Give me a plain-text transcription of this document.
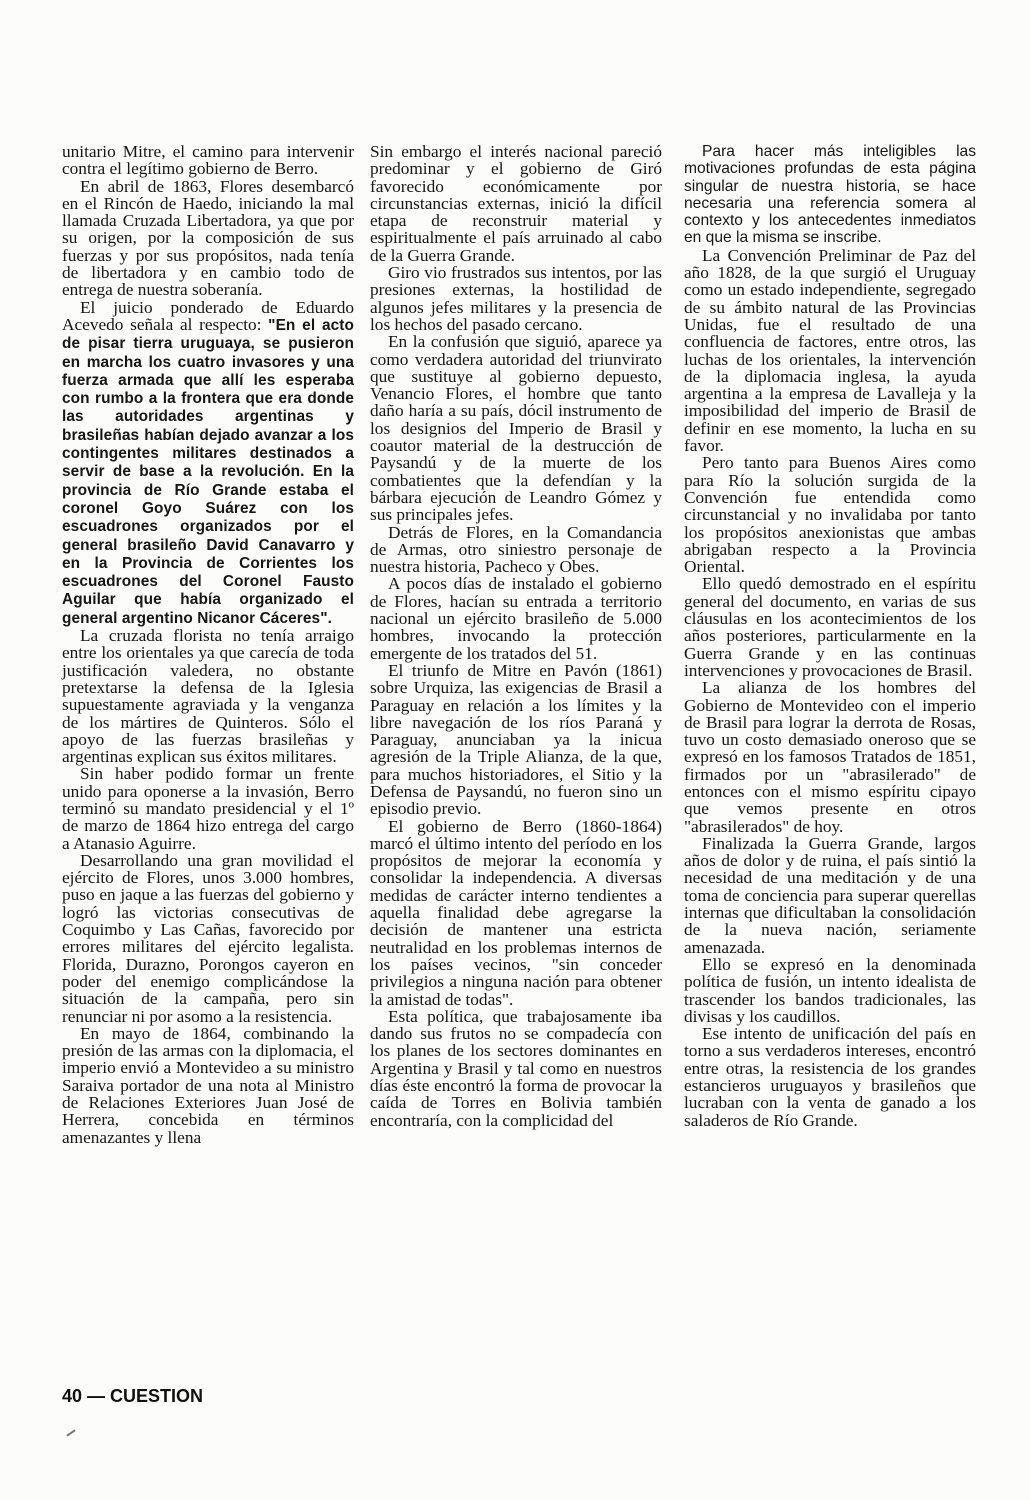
unitario Mitre, el camino para intervenir contra el legítimo gobierno de Berro.

En abril de 1863, Flores desembarcó en el Rincón de Haedo, iniciando la mal llamada Cruzada Libertadora, ya que por su origen, por la composición de sus fuerzas y por sus propósitos, nada tenía de libertadora y en cambio todo de entrega de nuestra soberanía.

El juicio ponderado de Eduardo Acevedo señala al respecto: "En el acto de pisar tierra uruguaya, se pusieron en marcha los cuatro invasores y una fuerza armada que allí les esperaba con rumbo a la frontera que era donde las autoridades argentinas y brasileñas habían dejado avanzar a los contingentes militares destinados a servir de base a la revolución. En la provincia de Río Grande estaba el coronel Goyo Suárez con los escuadrones organizados por el general brasileño David Canavarro y en la Provincia de Corrientes los escuadrones del Coronel Fausto Aguilar que había organizado el general argentino Nicanor Cáceres".

La cruzada florista no tenía arraigo entre los orientales ya que carecía de toda justificación valedera, no obstante pretextarse la defensa de la Iglesia supuestamente agraviada y la venganza de los mártires de Quinteros. Sólo el apoyo de las fuerzas brasileñas y argentinas explican sus éxitos militares.

Sin haber podido formar un frente unido para oponerse a la invasión, Berro terminó su mandato presidencial y el 1º de marzo de 1864 hizo entrega del cargo a Atanasio Aguirre.

Desarrollando una gran movilidad el ejército de Flores, unos 3.000 hombres, puso en jaque a las fuerzas del gobierno y logró las victorias consecutivas de Coquimbo y Las Cañas, favorecido por errores militares del ejército legalista. Florida, Durazno, Porongos cayeron en poder del enemigo complicándose la situación de la campaña, pero sin renunciar ni por asomo a la resistencia.

En mayo de 1864, combinando la presión de las armas con la diplomacia, el imperio envió a Montevideo a su ministro Saraiva portador de una nota al Ministro de Relaciones Exteriores Juan José de Herrera, concebida en términos amenazantes y llena

Sin embargo el interés nacional pareció predominar y el gobierno de Giró favorecido económicamente por circunstancias externas, inició la difícil etapa de reconstruir material y espiritualmente el país arruinado al cabo de la Guerra Grande.

Giro vio frustrados sus intentos, por las presiones externas, la hostilidad de algunos jefes militares y la presencia de los hechos del pasado cercano.

En la confusión que siguió, aparece ya como verdadera autoridad del triunvirato que sustituye al gobierno depuesto, Venancio Flores, el hombre que tanto daño haría a su país, dócil instrumento de los designios del Imperio de Brasil y coautor material de la destrucción de Paysandú y de la muerte de los combatientes que la defendían y la bárbara ejecución de Leandro Gómez y sus principales jefes.

Detrás de Flores, en la Comandancia de Armas, otro siniestro personaje de nuestra historia, Pacheco y Obes.

A pocos días de instalado el gobierno de Flores, hacían su entrada a territorio nacional un ejército brasileño de 5.000 hombres, invocando la protección emergente de los tratados del 51.

El triunfo de Mitre en Pavón (1861) sobre Urquiza, las exigencias de Brasil a Paraguay en relación a los límites y la libre navegación de los ríos Paraná y Paraguay, anunciaban ya la inicua agresión de la Triple Alianza, de la que, para muchos historiadores, el Sitio y la Defensa de Paysandú, no fueron sino un episodio previo.

El gobierno de Berro (1860-1864) marcó el último intento del período en los propósitos de mejorar la economía y consolidar la independencia. A diversas medidas de carácter interno tendientes a aquella finalidad debe agregarse la decisión de mantener una estricta neutralidad en los problemas internos de los países vecinos, "sin conceder privilegios a ninguna nación para obtener la amistad de todas".

Esta política, que trabajosamente iba dando sus frutos no se compadecía con los planes de los sectores dominantes en Argentina y Brasil y tal como en nuestros días éste encontró la forma de provocar la caída de Torres en Bolivia también encontraría, con la complicidad del

Para hacer más inteligibles las motivaciones profundas de esta página singular de nuestra historia, se hace necesaria una referencia somera al contexto y los antecedentes inmediatos en que la misma se inscribe.

La Convención Preliminar de Paz del año 1828, de la que surgió el Uruguay como un estado independiente, segregado de su ámbito natural de las Provincias Unidas, fue el resultado de una confluencia de factores, entre otros, las luchas de los orientales, la intervención de la diplomacia inglesa, la ayuda argentina a la empresa de Lavalleja y la imposibilidad del imperio de Brasil de definir en ese momento, la lucha en su favor.

Pero tanto para Buenos Aires como para Río la solución surgida de la Convención fue entendida como circunstancial y no invalidaba por tanto los propósitos anexionistas que ambas abrigaban respecto a la Provincia Oriental.

Ello quedó demostrado en el espíritu general del documento, en varias de sus cláusulas en los acontecimientos de los años posteriores, particularmente en la Guerra Grande y en las continuas intervenciones y provocaciones de Brasil.

La alianza de los hombres del Gobierno de Montevideo con el imperio de Brasil para lograr la derrota de Rosas, tuvo un costo demasiado oneroso que se expresó en los famosos Tratados de 1851, firmados por un "abrasilerado" de entonces con el mismo espíritu cipayo que vemos presente en otros "abrasilerados" de hoy.

Finalizada la Guerra Grande, largos años de dolor y de ruina, el país sintió la necesidad de una meditación y de una toma de conciencia para superar querellas internas que dificultaban la consolidación de la nueva nación, seriamente amenazada.

Ello se expresó en la denominada política de fusión, un intento idealista de trascender los bandos tradicionales, las divisas y los caudillos.

Ese intento de unificación del país en torno a sus verdaderos intereses, encontró entre otras, la resistencia de los grandes estancieros uruguayos y brasileños que lucraban con la venta de ganado a los saladeros de Río Grande.

40 — CUESTION
